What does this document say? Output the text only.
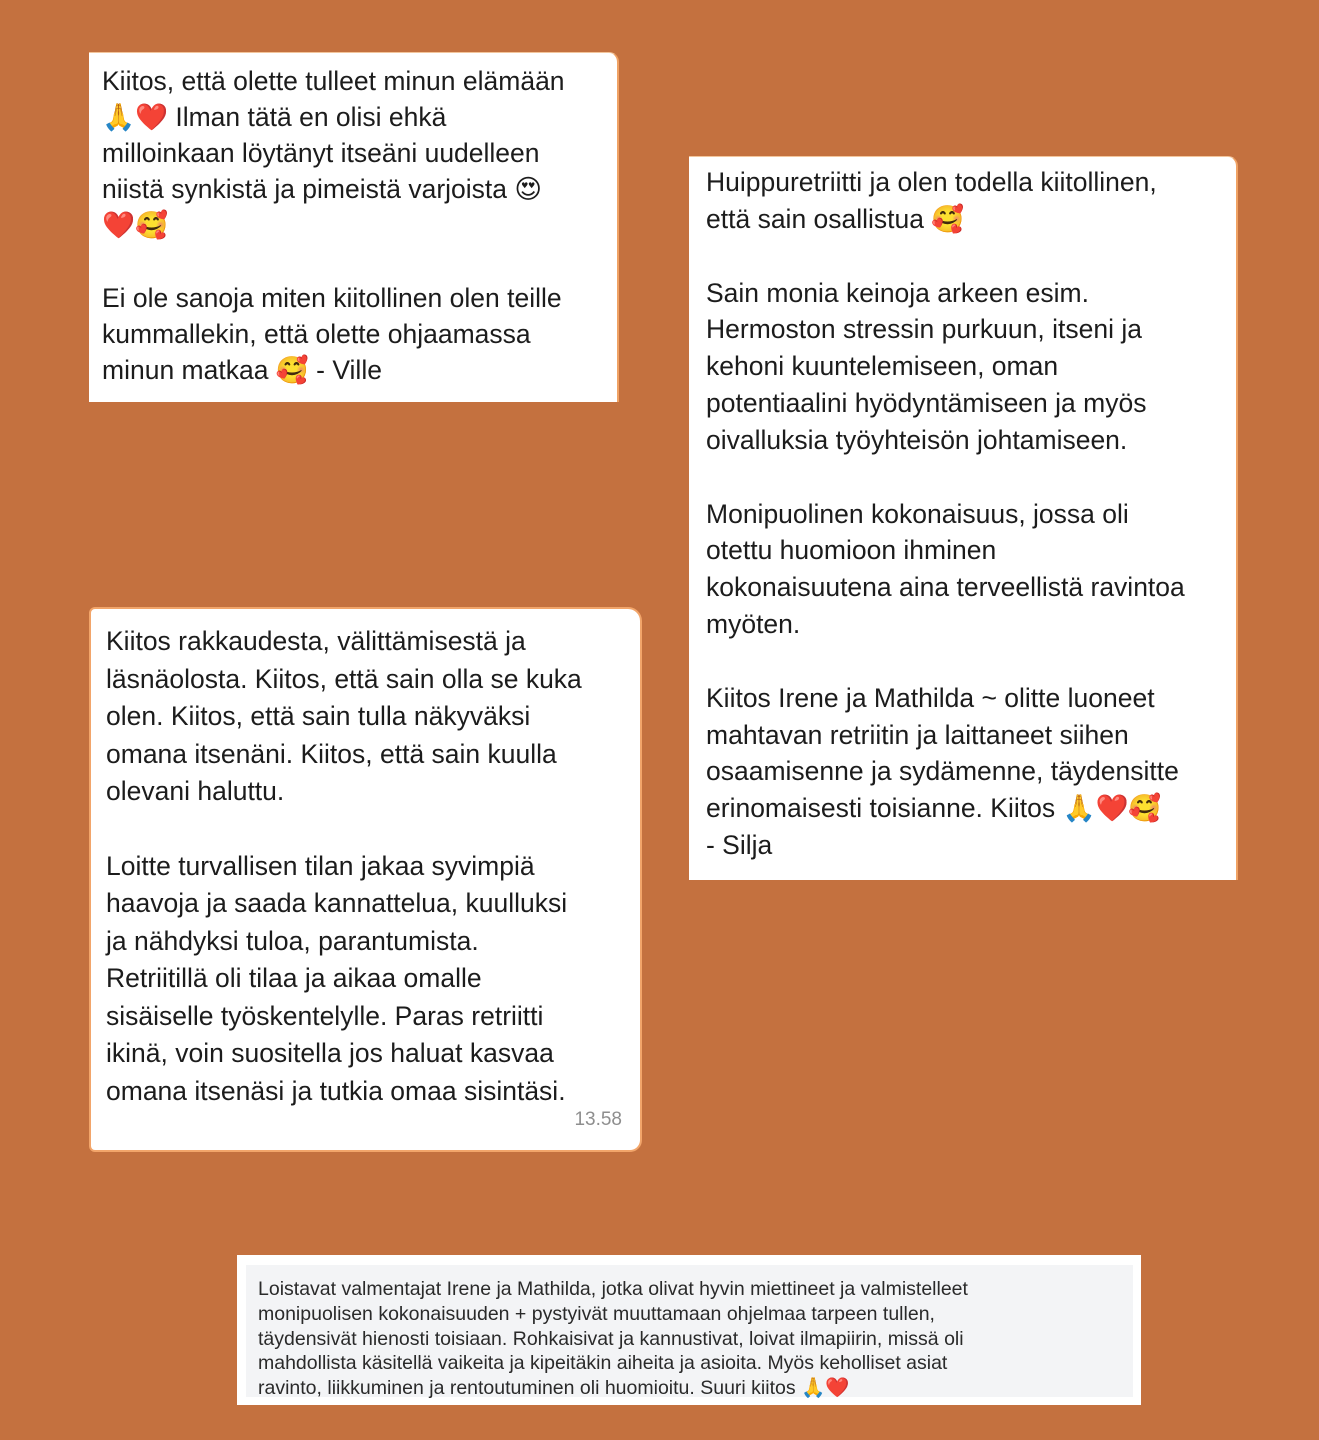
Kiitos, että olette tulleet minun elämään
🙏❤️ Ilman tätä en olisi ehkä
milloinkaan löytänyt itseäni uudelleen
niistä synkistä ja pimeistä varjoista 😍
❤️🥰

Ei ole sanoja miten kiitollinen olen teille
kummallekin, että olette ohjaamassa
minun matkaa 🥰 - Ville

Huippuretriitti ja olen todella kiitollinen,
että sain osallistua 🥰

Sain monia keinoja arkeen esim.
Hermoston stressin purkuun, itseni ja
kehoni kuuntelemiseen, oman
potentiaalini hyödyntämiseen ja myös
oivalluksia työyhteisön johtamiseen.

Monipuolinen kokonaisuus, jossa oli
otettu huomioon ihminen
kokonaisuutena aina terveellistä ravintoa
myöten.

Kiitos Irene ja Mathilda ~ olitte luoneet
mahtavan retriitin ja laittaneet siihen
osaamisenne ja sydämenne, täydensitte
erinomaisesti toisianne. Kiitos 🙏❤️🥰
- Silja

Kiitos rakkaudesta, välittämisestä ja
läsnäolosta. Kiitos, että sain olla se kuka
olen. Kiitos, että sain tulla näkyväksi
omana itsenäni. Kiitos, että sain kuulla
olevani haluttu.

Loitte turvallisen tilan jakaa syvimpiä
haavoja ja saada kannattelua, kuulluksi
ja nähdyksi tuloa, parantumista.
Retriitillä oli tilaa ja aikaa omalle
sisäiselle työskentelylle. Paras retriitti
ikinä, voin suositella jos haluat kasvaa
omana itsenäsi ja tutkia omaa sisintäsi.

13.58
Loistavat valmentajat Irene ja Mathilda, jotka olivat hyvin miettineet ja valmistelleet
monipuolisen kokonaisuuden + pystyivät muuttamaan ohjelmaa tarpeen tullen,
täydensivät hienosti toisiaan. Rohkaisivat ja kannustivat, loivat ilmapiirin, missä oli
mahdollista käsitellä vaikeita ja kipeitäkin aiheita ja asioita. Myös keholliset asiat
ravinto, liikkuminen ja rentoutuminen oli huomioitu. Suuri kiitos 🙏❤️
